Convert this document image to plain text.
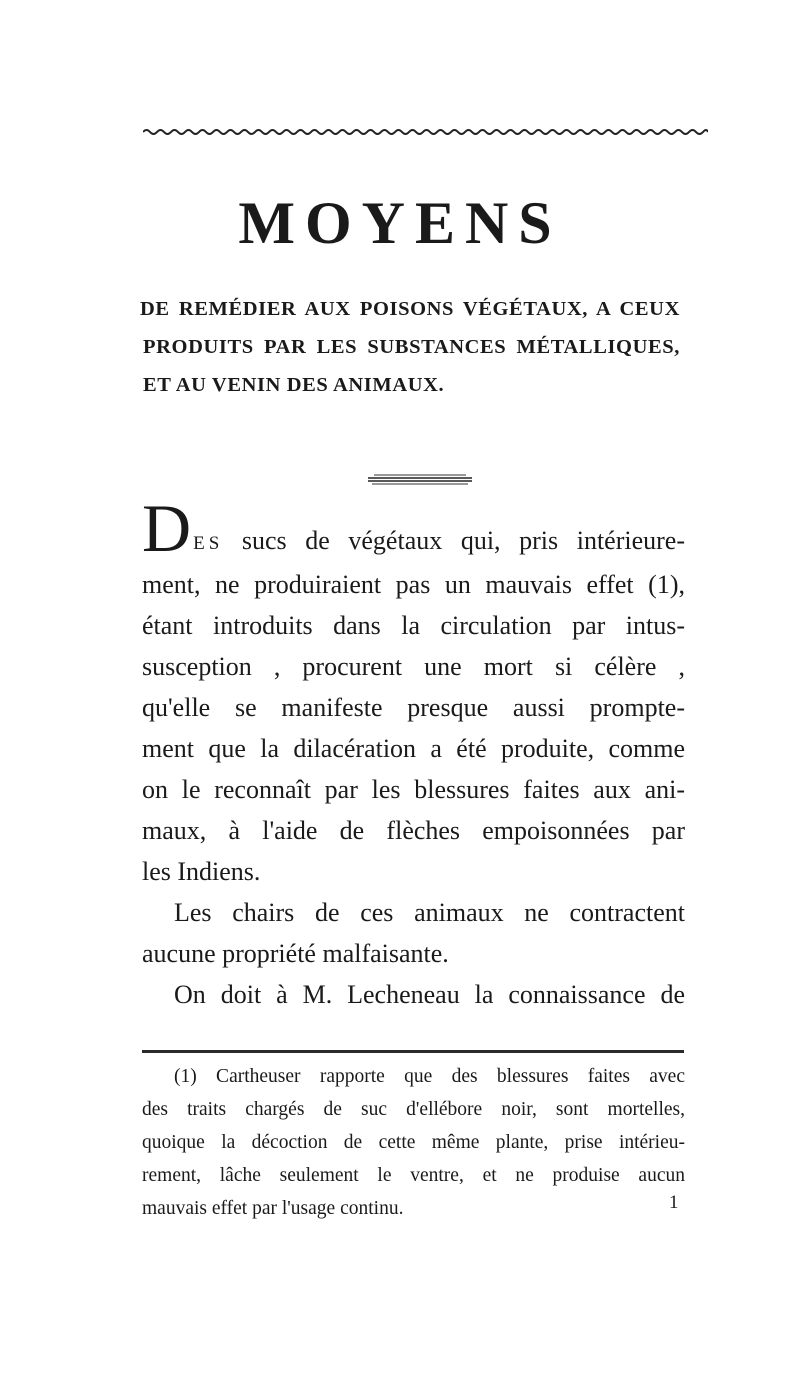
MOYENS
DE REMÉDIER AUX POISONS VÉGÉTAUX, A CEUX
PRODUITS PAR LES SUBSTANCES MÉTALLIQUES,
ET AU VENIN DES ANIMAUX.
DES sucs de végétaux qui, pris intérieure-
ment, ne produiraient pas un mauvais effet (1),
étant introduits dans la circulation par intus-
susception , procurent une mort si célère ,
qu'elle se manifeste presque aussi prompte-
ment que la dilacération a été produite, comme
on le reconnaît par les blessures faites aux ani-
maux, à l'aide de flèches empoisonnées par
les Indiens.
Les chairs de ces animaux ne contractent
aucune propriété malfaisante.
On doit à M. Lecheneau la connaissance de
(1) Cartheuser rapporte que des blessures faites avec
des traits chargés de suc d'ellébore noir, sont mortelles,
quoique la décoction de cette même plante, prise intérieu-
rement, lâche seulement le ventre, et ne produise aucun
mauvais effet par l'usage continu.	1
